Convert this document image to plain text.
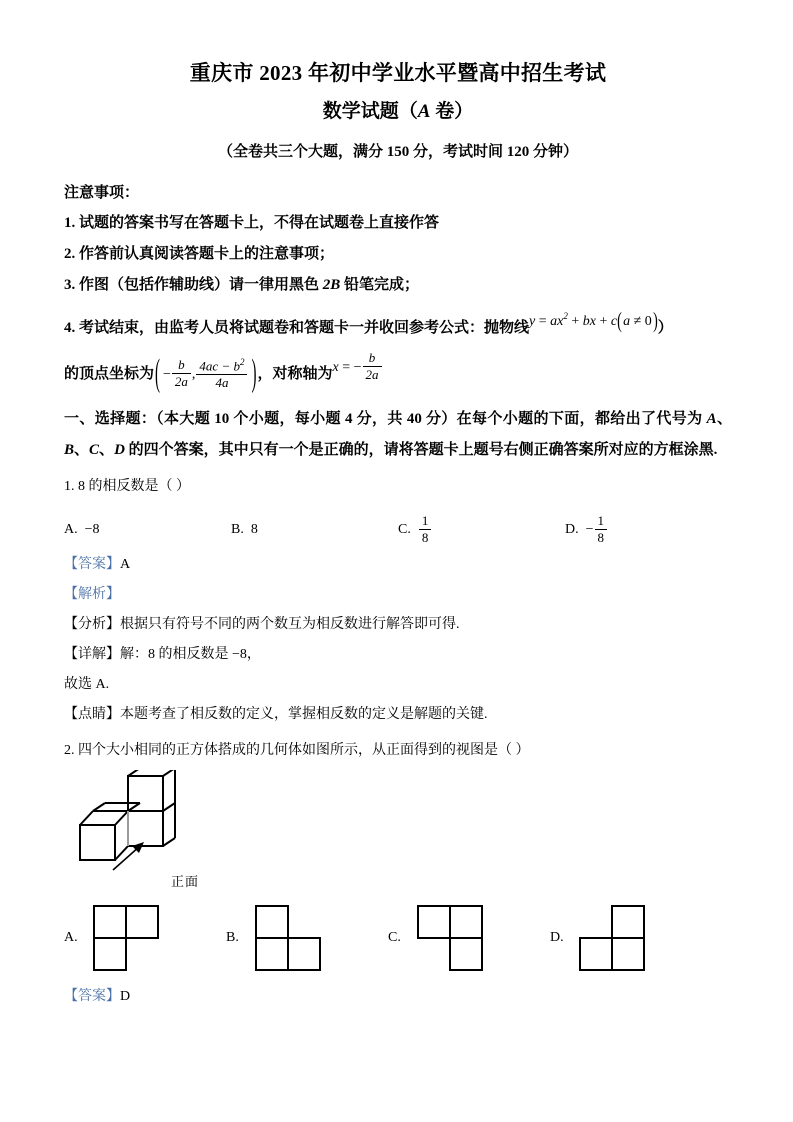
重庆市 2023 年初中学业水平暨高中招生考试
数学试题（A 卷）
（全卷共三个大题，满分 150 分，考试时间 120 分钟）
注意事项：
1. 试题的答案书写在答题卡上，不得在试题卷上直接作答
2. 作答前认真阅读答题卡上的注意事项；
3. 作图（包括作辅助线）请一律用黑色 2B 铅笔完成；
4. 考试结束，由监考人员将试题卷和答题卡一并收回参考公式：抛物线$y = ax^2$ + bx + c ( a ≠ 0 ) ）
的顶点坐标为 ( − $\frac{b}{2a}$ , $\frac{4ac - b^2}{4a}$
) ，对称轴为x = − $\frac{b}{2a}$
一、选择题：（本大题 10 个小题，每小题 4 分，共 40 分）在每个小题的下面，都给出了代号为 A、B、C、D 的四个答案，其中只有一个是正确的，请将答题卡上题号右侧正确答案所对应的方框涂黑.
1. 8 的相反数是（ ）
A. −8	B. 8	C. $\frac{1}{8}$	D. − $\frac{1}{8}$
【答案】A
【解析】
【分析】根据只有符号不同的两个数互为相反数进行解答即可得.
【详解】解：8 的相反数是 −8，
故选 A.
【点睛】本题考查了相反数的定义，掌握相反数的定义是解题的关键.
2. 四个大小相同的正方体搭成的几何体如图所示，从正面得到的视图是（ ）
正面
A.	B.	C.	D.
【答案】D
